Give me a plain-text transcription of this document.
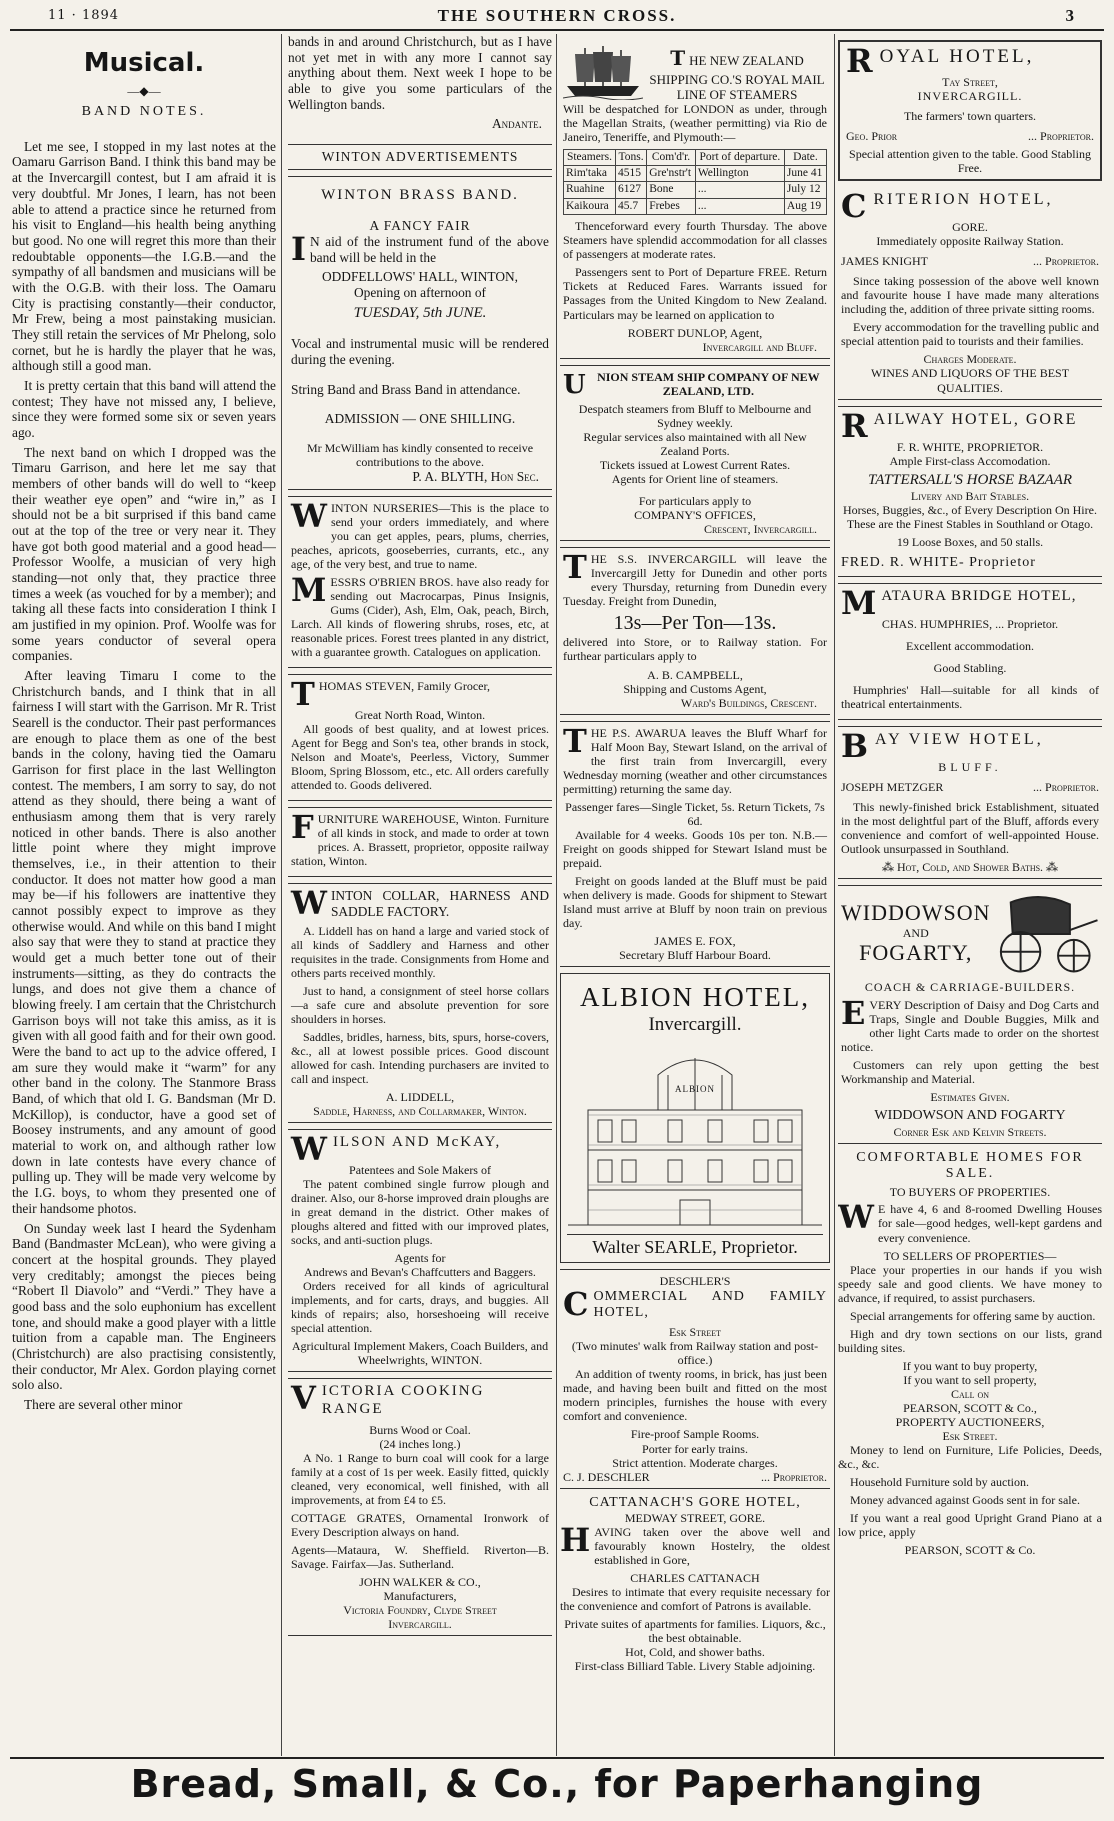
11 · 1894	THE SOUTHERN CROSS.	3
Musical.
—◆—
BAND NOTES.

Let me see, I stopped in my last notes at the Oamaru Garrison Band. I think this band may be at the Invercargill contest, but I am afraid it is very doubtful. Mr Jones, I learn, has not been able to attend a practice since he returned from his visit to England—his health being anything but good. No one will regret this more than their redoubtable opponents—the I.G.B.—and the sympathy of all bandsmen and musicians will be with the O.G.B. with their loss. The Oamaru City is practising constantly—their conductor, Mr Frew, being a most painstaking musician. They still retain the services of Mr Phelong, solo cornet, but he is hardly the player that he was, although still a good man.

It is pretty certain that this band will attend the contest; They have not missed any, I believe, since they were formed some six or seven years ago.

The next band on which I dropped was the Timaru Garrison, and here let me say that members of other bands will do well to “keep their weather eye open” and “wire in,” as I should not be a bit surprised if this band came out at the top of the tree or very near it. They have got both good material and a good head—Professor Woolfe, a musician of very high standing—not only that, they practice three times a week (as vouched for by a member); and taking all these facts into consideration I think I am justified in my opinion. Prof. Woolfe was for some years conductor of several opera companies.

After leaving Timaru I come to the Christchurch bands, and I think that in all fairness I will start with the Garrison. Mr R. Trist Searell is the conductor. Their past performances are enough to place them as one of the best bands in the colony, having tied the Oamaru Garrison for first place in the last Wellington contest. The members, I am sorry to say, do not attend as they should, there being a want of enthusiasm among them that is very rarely noticed in other bands. There is also another little point where they might improve themselves, i.e., in their attention to their conductor. It does not matter how good a man may be—if his followers are inattentive they cannot possibly expect to improve as they otherwise would. And while on this band I might also say that were they to stand at practice they would get a much better tone out of their instruments—sitting, as they do contracts the lungs, and does not give them a chance of blowing freely. I am certain that the Christchurch Garrison boys will not take this amiss, as it is given with all good faith and for their own good. Were the band to act up to the advice offered, I am sure they would make it “warm” for any other band in the colony. The Stanmore Brass Band, of which that old I. G. Bandsman (Mr D. McKillop), is conductor, have a good set of Boosey instruments, and any amount of good material to work on, and although rather low down in late contests have every chance of pulling up. They will be made very welcome by the I.G. boys, to whom they presented one of their handsome photos.

On Sunday week last I heard the Sydenham Band (Bandmaster McLean), who were giving a concert at the hospital grounds. They played very creditably; amongst the pieces being “Robert Il Diavolo” and “Verdi.” They have a good bass and the solo euphonium has excellent tone, and should make a good player with a little tuition from a capable man. The Engineers (Christchurch) are also practising consistently, their conductor, Mr Alex. Gordon playing cornet solo also.

There are several other minor

bands in and around Christchurch, but as I have not yet met in with any more I cannot say anything about them. Next week I hope to be able to give you some particulars of the Wellington bands.

Andante.
WINTON ADVERTISEMENTS
WINTON BRASS BAND.
A FANCY FAIR

I N aid of the instrument fund of the above band will be held in the

ODDFELLOWS' HALL, WINTON,
Opening on afternoon of
TUESDAY, 5th JUNE.

Vocal and instrumental music will be rendered during the evening.

String Band and Brass Band in attendance.

ADMISSION — ONE SHILLING.
Mr McWilliam has kindly consented to receive contributions to the above.
P. A. BLYTH, Hon Sec.

WINTON NURSERIES—This is the place to send your orders immediately, and where you can get apples, pears, plums, cherries, peaches, apricots, gooseberries, currants, etc., any age, of the very best, and true to name.

MESSRS O'BRIEN BROS. have also ready for sending out Macrocarpas, Pinus Insignis, Gums (Cider), Ash, Elm, Oak, peach, Birch, Larch. All kinds of flowering shrubs, roses, etc, at reasonable prices. Forest trees planted in any district, with a guarantee growth. Catalogues on application.

THOMAS STEVEN, Family Grocer,

Great North Road, Winton.

All goods of best quality, and at lowest prices. Agent for Begg and Son's tea, other brands in stock, Nelson and Moate's, Peerless, Victory, Summer Bloom, Spring Blossom, etc., etc. All orders carefully attended to. Goods delivered.

FURNITURE WAREHOUSE, Winton. Furniture of all kinds in stock, and made to order at town prices. A. Brassett, proprietor, opposite railway station, Winton.

WINTON COLLAR, HARNESS AND SADDLE FACTORY.

A. Liddell has on hand a large and varied stock of all kinds of Saddlery and Harness and other requisites in the trade. Consignments from Home and others parts received monthly.

Just to hand, a consignment of steel horse collars—a safe cure and absolute prevention for sore shoulders in horses.

Saddles, bridles, harness, bits, spurs, horse-covers, &c., all at lowest possible prices. Good discount allowed for cash. Intending purchasers are invited to call and inspect.

A. LIDDELL,
Saddle, Harness, and Collarmaker, Winton.

WILSON AND McKAY,

Patentees and Sole Makers of

The patent combined single furrow plough and drainer. Also, our 8-horse improved drain ploughs are in great demand in the district. Other makes of ploughs altered and fitted with our improved plates, socks, and anti-suction plugs.

Agents for
Andrews and Bevan's Chaffcutters and Baggers.

Orders received for all kinds of agricultural implements, and for carts, drays, and buggies. All kinds of repairs; also, horseshoeing will receive special attention.

Agricultural Implement Makers, Coach Builders, and Wheelwrights, WINTON.

VICTORIA COOKING RANGE

Burns Wood or Coal.
(24 inches long.)

A No. 1 Range to burn coal will cook for a large family at a cost of 1s per week. Easily fitted, quickly cleaned, very economical, well finished, with all improvements, at from £4 to £5.

COTTAGE GRATES, Ornamental Ironwork of Every Description always on hand.

Agents—Mataura, W. Sheffield. Riverton—B. Savage. Fairfax—Jas. Sutherland.

JOHN WALKER & CO.,
Manufacturers,
Victoria Foundry, Clyde Street
Invercargill.
THE NEW ZEALAND SHIPPING CO.'S ROYAL MAIL LINE OF STEAMERS

Will be despatched for LONDON as under, through the Magellan Straits, (weather permitting) via Rio de Janeiro, Teneriffe, and Plymouth:—

Steamers.	Tons.	Com'd'r.	Port of departure.	Date.
Rim'taka	4515	Gre'nstr't	Wellington	June 41
Ruahine	6127	Bone	...	July 12
Kaikoura	45.7	Frebes	...	Aug 19

Thenceforward every fourth Thursday. The above Steamers have splendid accommodation for all classes of passengers at moderate rates.

Passengers sent to Port of Departure FREE. Return Tickets at Reduced Fares. Warrants issued for Passages from the United Kingdom to New Zealand. Particulars may be learned on application to

ROBERT DUNLOP, Agent,
Invercargill and Bluff.

UNION STEAM SHIP COMPANY OF NEW ZEALAND, LTD.

Despatch steamers from Bluff to Melbourne and Sydney weekly.
Regular services also maintained with all New Zealand Ports.
Tickets issued at Lowest Current Rates.
Agents for Orient line of steamers.
For particulars apply to
COMPANY'S OFFICES,
Crescent, Invercargill.

THE S.S. INVERCARGILL will leave the Invercargill Jetty for Dunedin and other ports every Thursday, returning from Dunedin every Tuesday. Freight from Dunedin,

13s—Per Ton—13s.

delivered into Store, or to Railway station. For furthear particulars apply to

A. B. CAMPBELL,
Shipping and Customs Agent,
Ward's Buildings, Crescent.

THE P.S. AWARUA leaves the Bluff Wharf for Half Moon Bay, Stewart Island, on the arrival of the first train from Invercargill, every Wednesday morning (weather and other circumstances permitting) returning the same day.

Passenger fares—Single Ticket, 5s. Return Tickets, 7s 6d.

Available for 4 weeks. Goods 10s per ton. N.B.—Freight on goods shipped for Stewart Island must be prepaid.

Freight on goods landed at the Bluff must be paid when delivery is made. Goods for shipment to Stewart Island must arrive at Bluff by noon train on previous day.

JAMES E. FOX,
Secretary Bluff Harbour Board.
ALBION HOTEL,
Invercargill.
ALBION
Walter SEARLE, Proprietor.
DESCHLER'S

COMMERCIAL AND FAMILY HOTEL,

Esk Street
(Two minutes' walk from Railway station and post-office.)

An addition of twenty rooms, in brick, has just been made, and having been built and fitted on the most modern principles, furnishes the house with every comfort and convenience.

Fire-proof Sample Rooms.
Porter for early trains.
Strict attention. Moderate charges.
C. J. DESCHLER	... Proprietor.
CATTANACH'S GORE HOTEL,
MEDWAY STREET, GORE.

HAVING taken over the above well and favourably known Hostelry, the oldest established in Gore,

CHARLES CATTANACH

Desires to intimate that every requisite necessary for the convenience and comfort of Patrons is available.

Private suites of apartments for families. Liquors, &c., the best obtainable.
Hot, Cold, and shower baths.
First-class Billiard Table. Livery Stable adjoining.

ROYAL HOTEL,

Tay Street,
INVERCARGILL.
The farmers' town quarters.
Geo. Prior	... Proprietor.
Special attention given to the table. Good Stabling Free.

CRITERION HOTEL,

GORE.
Immediately opposite Railway Station.
JAMES KNIGHT	... Proprietor.

Since taking possession of the above well known and favourite house I have made many alterations including the, addition of three private sitting rooms.

Every accommodation for the travelling public and special attention paid to tourists and their families.

Charges Moderate.
WINES AND LIQUORS OF THE BEST QUALITIES.

RAILWAY HOTEL, GORE

F. R. WHITE, PROPRIETOR.
Ample First-class Accomodation.
TATTERSALL'S HORSE BAZAAR
Livery and Bait Stables.

Horses, Buggies, &c., of Every Description On Hire. These are the Finest Stables in Southland or Otago.

19 Loose Boxes, and 50 stalls.
FRED. R. WHITE- Proprietor

MATAURA BRIDGE HOTEL,

CHAS. HUMPHRIES, ... Proprietor.
Excellent accommodation.
Good Stabling.

Humphries' Hall—suitable for all kinds of theatrical entertainments.

BAY VIEW HOTEL,

BLUFF.
JOSEPH METZGER	... Proprietor.

This newly-finished brick Establishment, situated in the most delightful part of the Bluff, affords every convenience and comfort of well-appointed House. Outlook unsurpassed in Southland.

⁂ Hot, Cold, and Shower Baths. ⁂
WIDDOWSON
AND
FOGARTY,
COACH & CARRIAGE-BUILDERS.

EVERY Description of Daisy and Dog Carts and Traps, Single and Double Buggies, Milk and other light Carts made to order on the shortest notice.

Customers can rely upon getting the best Workmanship and Material.

Estimates Given.
WIDDOWSON AND FOGARTY
Corner Esk and Kelvin Streets.
COMFORTABLE HOMES FOR SALE.
TO BUYERS OF PROPERTIES.

W E have 4, 6 and 8-roomed Dwelling Houses for sale—good hedges, well-kept gardens and every convenience.

TO SELLERS OF PROPERTIES—

Place your properties in our hands if you wish speedy sale and good clients. We have money to advance, if required, to assist purchasers.

Special arrangements for offering same by auction.

High and dry town sections on our lists, grand building sites.

If you want to buy property,
If you want to sell property,
Call on
PEARSON, SCOTT & Co.,
PROPERTY AUCTIONEERS,
Esk Street.

Money to lend on Furniture, Life Policies, Deeds, &c., &c.

Household Furniture sold by auction.

Money advanced against Goods sent in for sale.

If you want a real good Upright Grand Piano at a low price, apply

PEARSON, SCOTT & Co.
Bread, Small, & Co., for Paperhanging
